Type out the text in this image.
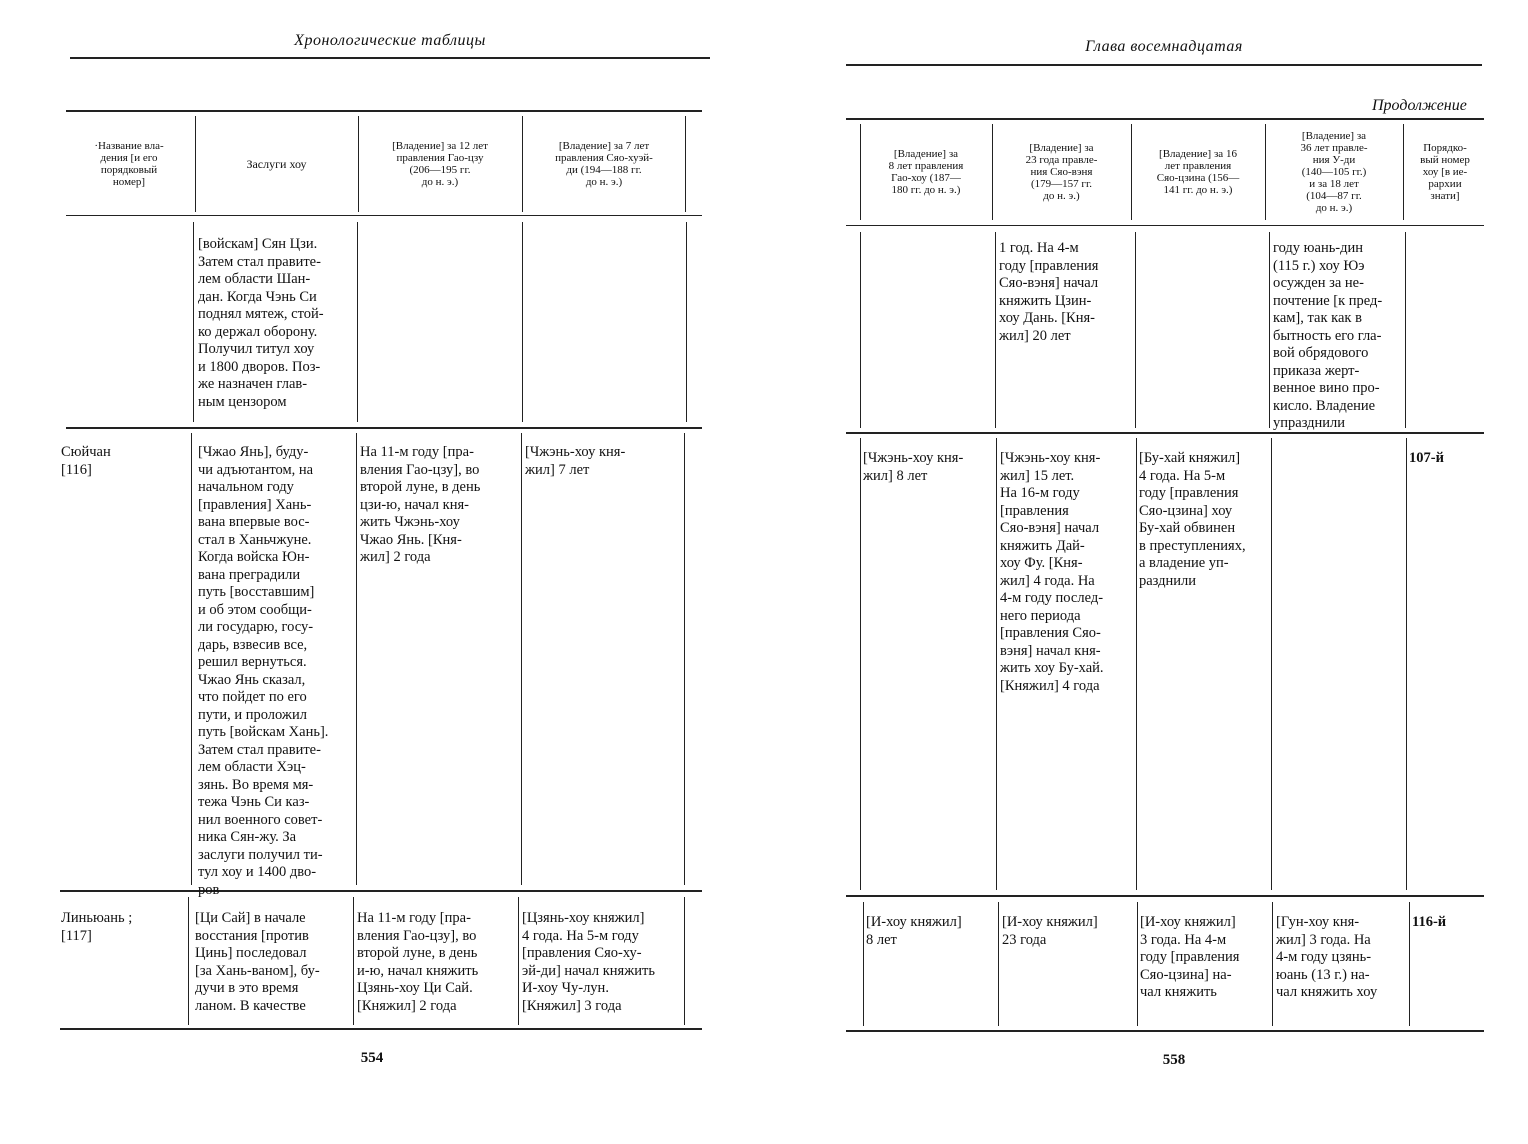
Хронологические таблицы
·Название вла-
дения [и его
порядковый
номер]
Заслуги хоу
[Владение] за 12 лет
правления Гао-цзу
(206—195 гг.
до н. э.)
[Владение] за 7 лет
правления Сяо-хуэй-
ди (194—188 гг.
до н. э.)
[войскам] Сян Цзи.
Затем стал правите-
лем области Шан-
дан. Когда Чэнь Си
поднял мятеж, стой-
ко держал оборону.
Получил титул хоу
и 1800 дворов. Поз-
же назначен глав-
ным цензором
Сюйчан
[116]
[Чжао Янь], буду-
чи адъютантом, на
начальном году
[правления] Хань-
вана впервые вос-
стал в Ханьчжуне.
Когда войска Юн-
вана преградили
путь [восставшим]
и об этом сообщи-
ли государю, госу-
дарь, взвесив все,
решил вернуться.
Чжао Янь сказал,
что пойдет по его
пути, и проложил
путь [войскам Хань].
Затем стал правите-
лем области Хэц-
зянь. Во время мя-
тежа Чэнь Си каз-
нил военного совет-
ника Сян-жу. За
заслуги получил ти-
тул хоу и 1400 дво-
ров
На 11-м году [пра-
вления Гао-цзу], во
второй луне, в день
цзи-ю, начал кня-
жить Чжэнь-хоу
Чжао Янь. [Кня-
жил] 2 года
[Чжэнь-хоу кня-
жил] 7 лет
Линьюань ;
[117]
[Ци Сай] в начале
восстания [против
Цинь] последовал
[за Хань-ваном], бу-
дучи в это время
ланом. В качестве
На 11-м году [пра-
вления Гао-цзу], во
второй луне, в день
и-ю, начал княжить
Цзянь-хоу Ци Сай.
[Княжил] 2 года
[Цзянь-хоу княжил]
4 года. На 5-м году
[правления Сяо-ху-
эй-ди] начал княжить
И-хоу Чу-лун.
[Княжил] 3 года
554
Глава восемнадцатая
Продолжение
[Владение] за
8 лет правления
Гао-хоу (187—
180 гг. до н. э.)
[Владение] за
23 года правле-
ния Сяо-вэня
(179—157 гг.
до н. э.)
[Владение] за 16
лет правления
Сяо-цзина (156—
141 гг. до н. э.)
[Владение] за
36 лет правле-
ния У-ди
(140—105 гг.)
и за 18 лет
(104—87 гг.
до н. э.)
Порядко-
вый номер
хоу [в ие-
рархии
знати]
1 год. На 4-м
году [правления
Сяо-вэня] начал
княжить Цзин-
хоу Дань. [Кня-
жил] 20 лет
году юань-дин
(115 г.) хоу Юэ
осужден за не-
почтение [к пред-
кам], так как в
бытность его гла-
вой обрядового
приказа жерт-
венное вино про-
кисло. Владение
упразднили
[Чжэнь-хоу кня-
жил] 8 лет
[Чжэнь-хоу кня-
жил] 15 лет.
На 16-м году
[правления
Сяо-вэня] начал
княжить Дай-
хоу Фу. [Кня-
жил] 4 года. На
4-м году послед-
него периода
[правления Сяо-
вэня] начал кня-
жить хоу Бу-хай.
[Княжил] 4 года
[Бу-хай княжил]
4 года. На 5-м
году [правления
Сяо-цзина] хоу
Бу-хай обвинен
в преступлениях,
а владение уп-
разднили
107-й
[И-хоу княжил]
8 лет
[И-хоу княжил]
23 года
[И-хоу княжил]
3 года. На 4-м
году [правления
Сяо-цзина] на-
чал княжить
[Гун-хоу кня-
жил] 3 года. На
4-м году цзянь-
юань (13 г.) на-
чал княжить хоу
116-й
558
